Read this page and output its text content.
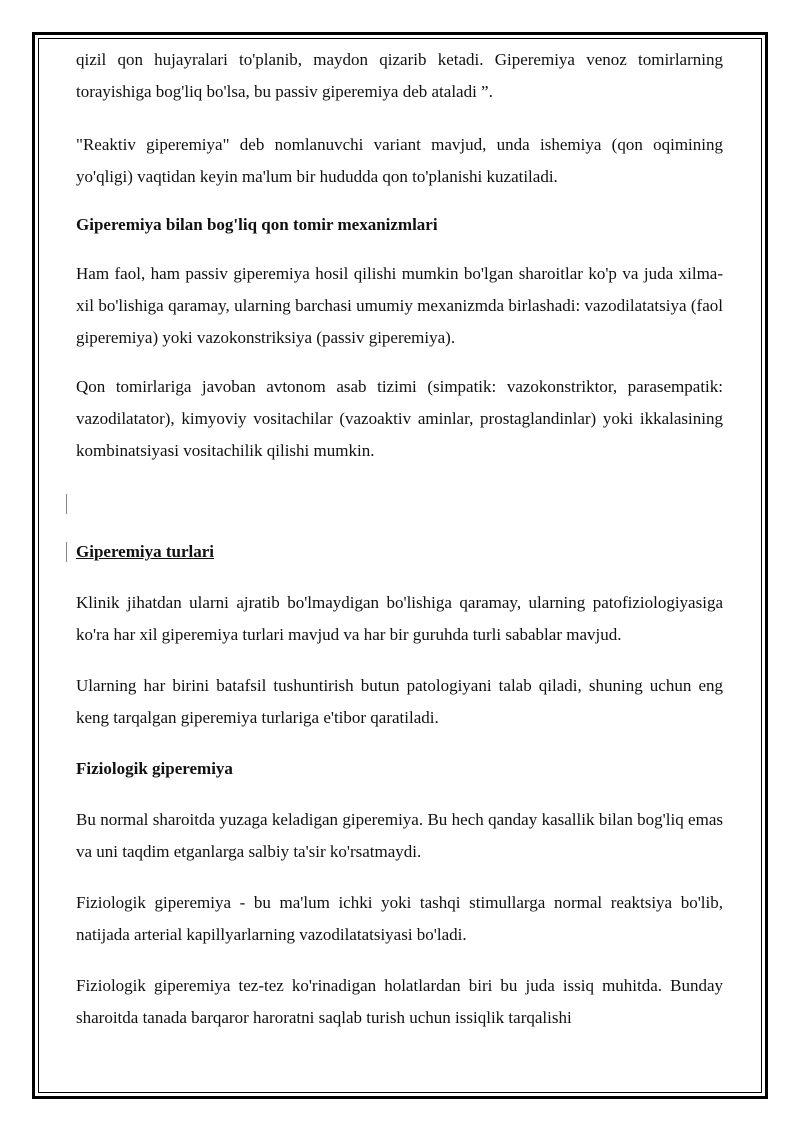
qizil qon hujayralari to'planib, maydon qizarib ketadi. Giperemiya venoz tomirlarning torayishiga bog'liq bo'lsa, bu passiv giperemiya deb ataladi ”.

"Reaktiv giperemiya" deb nomlanuvchi variant mavjud, unda ishemiya (qon oqimining yo'qligi) vaqtidan keyin ma'lum bir hududda qon to'planishi kuzatiladi.

Giperemiya bilan bog'liq qon tomir mexanizmlari

Ham faol, ham passiv giperemiya hosil qilishi mumkin bo'lgan sharoitlar ko'p va juda xilma-xil bo'lishiga qaramay, ularning barchasi umumiy mexanizmda birlashadi: vazodilatatsiya (faol giperemiya) yoki vazokonstriksiya (passiv giperemiya).

Qon tomirlariga javoban avtonom asab tizimi (simpatik: vazokonstriktor, parasempatik: vazodilatator), kimyoviy vositachilar (vazoaktiv aminlar, prostaglandinlar) yoki ikkalasining kombinatsiyasi vositachilik qilishi mumkin.

Giperemiya turlari

Klinik jihatdan ularni ajratib bo'lmaydigan bo'lishiga qaramay, ularning patofiziologiyasiga ko'ra har xil giperemiya turlari mavjud va har bir guruhda turli sabablar mavjud.

Ularning har birini batafsil tushuntirish butun patologiyani talab qiladi, shuning uchun eng keng tarqalgan giperemiya turlariga e'tibor qaratiladi.

Fiziologik giperemiya

Bu normal sharoitda yuzaga keladigan giperemiya. Bu hech qanday kasallik bilan bog'liq emas va uni taqdim etganlarga salbiy ta'sir ko'rsatmaydi.

Fiziologik giperemiya - bu ma'lum ichki yoki tashqi stimullarga normal reaktsiya bo'lib, natijada arterial kapillyarlarning vazodilatatsiyasi bo'ladi.

Fiziologik giperemiya tez-tez ko'rinadigan holatlardan biri bu juda issiq muhitda. Bunday sharoitda tanada barqaror haroratni saqlab turish uchun issiqlik tarqalishi
